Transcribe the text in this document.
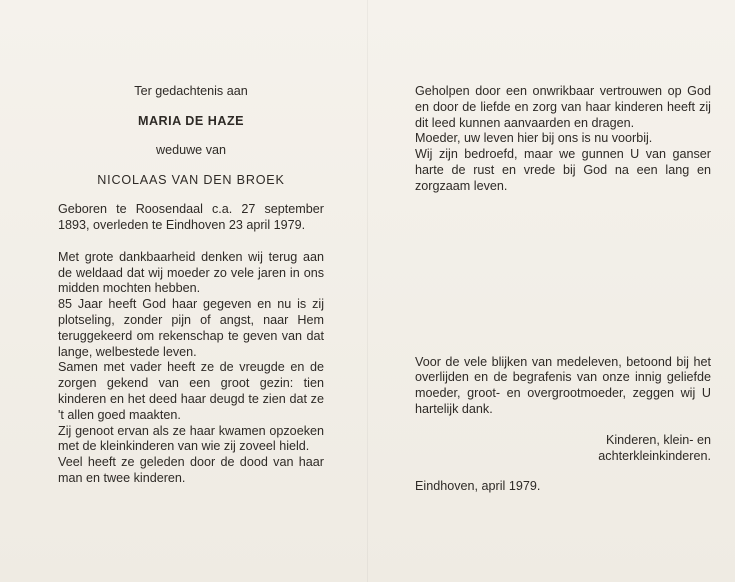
Ter gedachtenis aan

MARIA DE HAZE

weduwe van

NICOLAAS VAN DEN BROEK

Geboren te Roosendaal c.a. 27 september 1893, overleden te Eindhoven 23 april 1979.

Met grote dankbaarheid denken wij terug aan de weldaad dat wij moeder zo vele jaren in ons midden mochten hebben.

85 Jaar heeft God haar gegeven en nu is zij plotseling, zonder pijn of angst, naar Hem teruggekeerd om rekenschap te geven van dat lange, welbestede leven.

Samen met vader heeft ze de vreugde en de zorgen gekend van een groot gezin: tien kinderen en het deed haar deugd te zien dat ze 't allen goed maakten.

Zij genoot ervan als ze haar kwamen opzoeken met de kleinkinderen van wie zij zoveel hield.

Veel heeft ze geleden door de dood van haar man en twee kinderen.

Geholpen door een onwrikbaar vertrouwen op God en door de liefde en zorg van haar kinderen heeft zij dit leed kunnen aanvaarden en dragen.

Moeder, uw leven hier bij ons is nu voorbij.

Wij zijn bedroefd, maar we gunnen U van ganser harte de rust en vrede bij God na een lang en zorgzaam leven.

Voor de vele blijken van medeleven, betoond bij het overlijden en de begrafenis van onze innig geliefde moeder, groot- en overgrootmoeder, zeggen wij U hartelijk dank.

Kinderen, klein- en

achterkleinkinderen.

Eindhoven, april 1979.
